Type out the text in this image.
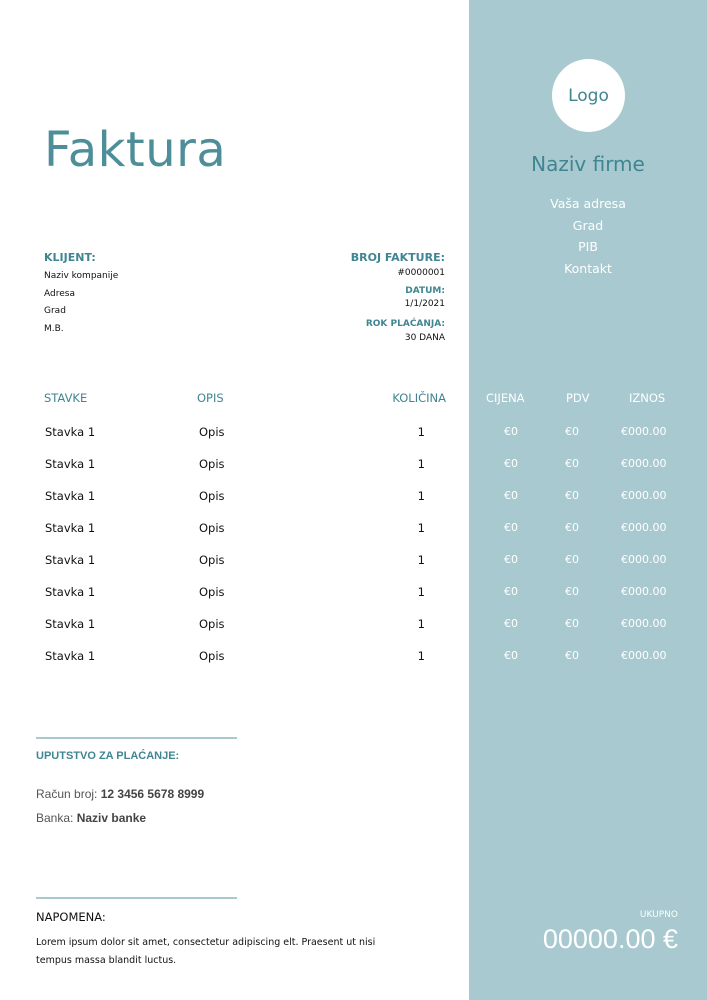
Logo
Naziv firme
Vaša adresa
Grad
PIB
Kontakt
Faktura
KLIJENT:
Naziv kompanije
Adresa
Grad
M.B.
BROJ FAKTURE:
#0000001
DATUM:
1/1/2021
ROK PLAĆANJA:
30 DANA
STAVKE	OPIS	KOLIČINA	CIJENA	PDV	IZNOS
Stavka 1	Opis	1	€0	€0	€000.00
Stavka 1	Opis	1	€0	€0	€000.00
Stavka 1	Opis	1	€0	€0	€000.00
Stavka 1	Opis	1	€0	€0	€000.00
Stavka 1	Opis	1	€0	€0	€000.00
Stavka 1	Opis	1	€0	€0	€000.00
Stavka 1	Opis	1	€0	€0	€000.00
Stavka 1	Opis	1	€0	€0	€000.00
UPUTSTVO ZA PLAĆANJE:
Račun broj: 12 3456 5678 8999
Banka: Naziv banke
NAPOMENA:
Lorem ipsum dolor sit amet, consectetur adipiscing elt. Praesent ut nisi tempus massa blandit luctus.
UKUPNO
00000.00 €
